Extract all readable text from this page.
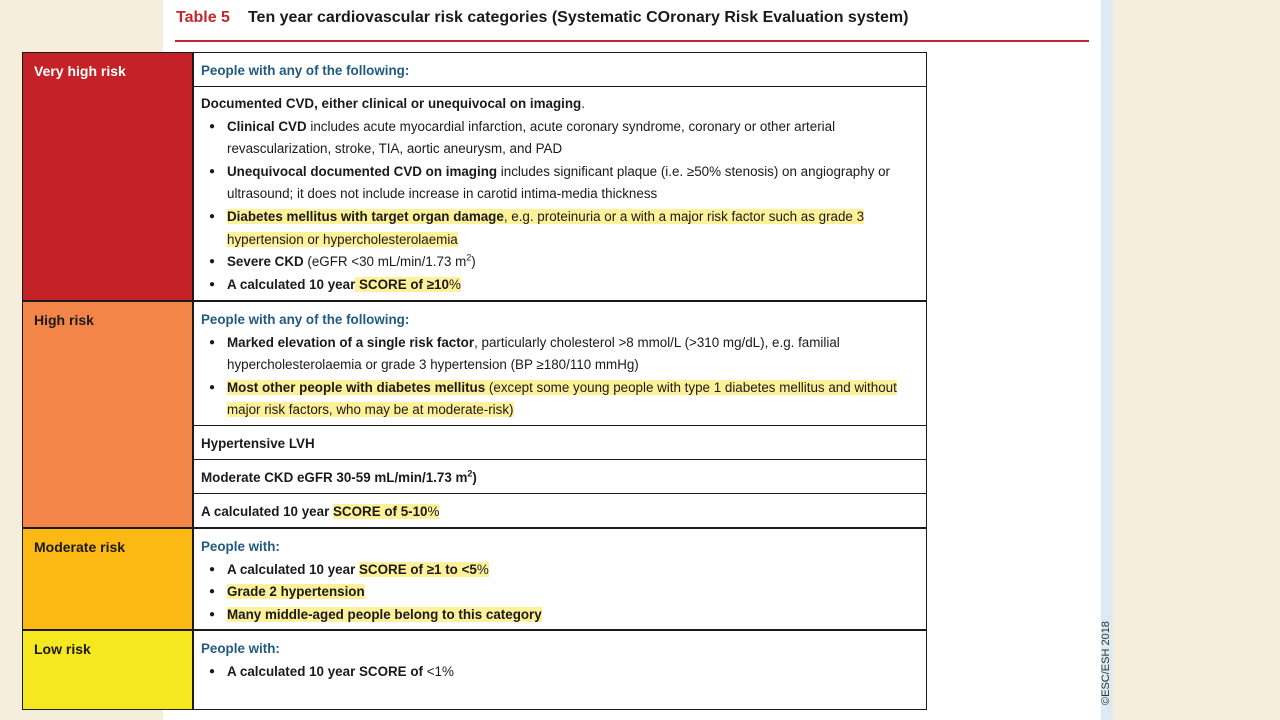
Table 5 Ten year cardiovascular risk categories (Systematic COronary Risk Evaluation system)
Very high risk	People with any of the following:
Documented CVD, either clinical or unequivocal on imaging.
● Clinical CVD includes acute myocardial infarction, acute coronary syndrome, coronary or other arterial revascularization, stroke, TIA, aortic aneurysm, and PAD
● Unequivocal documented CVD on imaging includes significant plaque (i.e. ≥50% stenosis) on angiography or ultrasound; it does not include increase in carotid intima-media thickness
● Diabetes mellitus with target organ damage, e.g. proteinuria or a with a major risk factor such as grade 3 hypertension or hypercholesterolaemia
● Severe CKD (eGFR <30 mL/min/1.73 $m^2$)
● A calculated 10 year SCORE of ≥10%
High risk	People with any of the following:
● Marked elevation of a single risk factor, particularly cholesterol >8 mmol/L (>310 mg/dL), e.g. familial hypercholesterolaemia or grade 3 hypertension (BP ≥180/110 mmHg)
● Most other people with diabetes mellitus (except some young people with type 1 diabetes mellitus and without major risk factors, who may be at moderate-risk)
Hypertensive LVH
Moderate CKD eGFR 30-59 mL/min/1.73 $m^2$)
A calculated 10 year SCORE of 5-10%
Moderate risk	People with:
● A calculated 10 year SCORE of ≥1 to <5%
● Grade 2 hypertension
● Many middle-aged people belong to this category
Low risk	People with:
● A calculated 10 year SCORE of <1%	©ESC/ESH 2018
